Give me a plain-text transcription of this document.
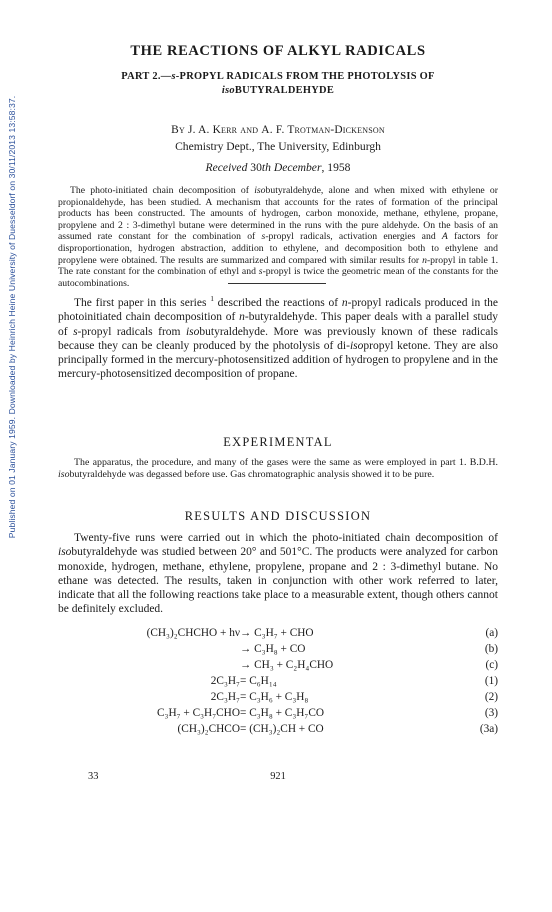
Published on 01 January 1959. Downloaded by Heinrich Heine University of Duesseldorf on 30/11/2013 13:58:37.
THE REACTIONS OF ALKYL RADICALS
PART 2.—s-PROPYL RADICALS FROM THE PHOTOLYSIS OF
isoBUTYRALDEHYDE
By J. A. Kerr and A. F. Trotman-Dickenson
Chemistry Dept., The University, Edinburgh
Received 30th December, 1958

The photo-initiated chain decomposition of isobutyraldehyde, alone and when mixed with ethylene or propionaldehyde, has been studied. A mechanism that accounts for the rates of formation of the principal products has been constructed. The amounts of hydrogen, carbon monoxide, methane, ethylene, propane, propylene and 2 : 3-dimethyl butane were determined in the runs with the pure aldehyde. On the basis of an assumed rate constant for the combination of s-propyl radicals, activation energies and A factors for disproportionation, hydrogen abstraction, addition to ethylene, and decomposition both to ethylene and propylene were obtained. The results are summarized and compared with similar results for n-propyl in table 1. The rate constant for the combination of ethyl and s-propyl is twice the geometric mean of the constants for the autocombinations.

The first paper in this series $^1$ described the reactions of n-propyl radicals produced in the photoinitiated chain decomposition of n-butyraldehyde. This paper deals with a parallel study of s-propyl radicals from isobutyraldehyde. More was previously known of these radicals because they can be cleanly produced by the photolysis of di-isopropyl ketone. They are also principally formed in the mercury-photosensitized addition of hydrogen to propylene and in the mercury-photosensitized decomposition of propane.

EXPERIMENTAL

The apparatus, the procedure, and many of the gases were the same as were employed in part 1. B.D.H. isobutyraldehyde was degassed before use. Gas chromatographic analysis showed it to be pure.

RESULTS AND DISCUSSION

Twenty-five runs were carried out in which the photo-initiated chain decomposition of isobutyraldehyde was studied between 20° and 501°C. The products were analyzed for carbon monoxide, hydrogen, methane, ethylene, propylene, propane and 2 : 3-dimethyl butane. No ethane was detected. The results, taken in conjunction with other work referred to later, indicate that all the following reactions take place to a measurable extent, though others cannot be definitely excluded.

(CH₃)₂CHCHO + hν → C₃H₇ + CHO	(a)
→ C₃H₈ + CO	(b)
→ CH₃ + C₂H₄CHO	(c)
2C₃H₇ = C₆H₁₄	(1)
2C₃H₇ = C₃H₆ + C₃H₈	(2)
C₃H₇ + C₃H₇CHO = C₃H₈ + C₃H₇CO	(3)
(CH₃)₂CHCO = (CH₃)₂CH + CO	(3a)
33	921
